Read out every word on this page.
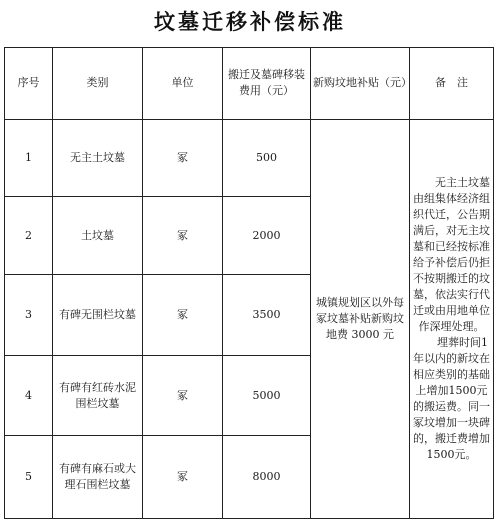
坟墓迁移补偿标准
序号	类别	单位	搬迁及墓碑移装费用（元）	新购坟地补贴（元）	备　注
1	无主土坟墓	冢	500	城镇规划区以外每冢坟墓补贴新购坟地费 3000 元	无主土坟墓由组集体经济组织代迁，公告期满后，对无主坟墓和已经按标准给予补偿后仍拒不按期搬迁的坟墓，依法实行代迁或由用地单位作深埋处理。

埋葬时间1年以内的新坟在相应类别的基础上增加1500元的搬运费。同一冢坟增加一块碑的，搬迁费增加1500元。

2	土坟墓	冢	2000		
3	有碑无围栏坟墓	冢	3500		
4	有碑有红砖水泥围栏坟墓	冢	5000		
5	有碑有麻石或大理石围栏坟墓	冢	8000		
